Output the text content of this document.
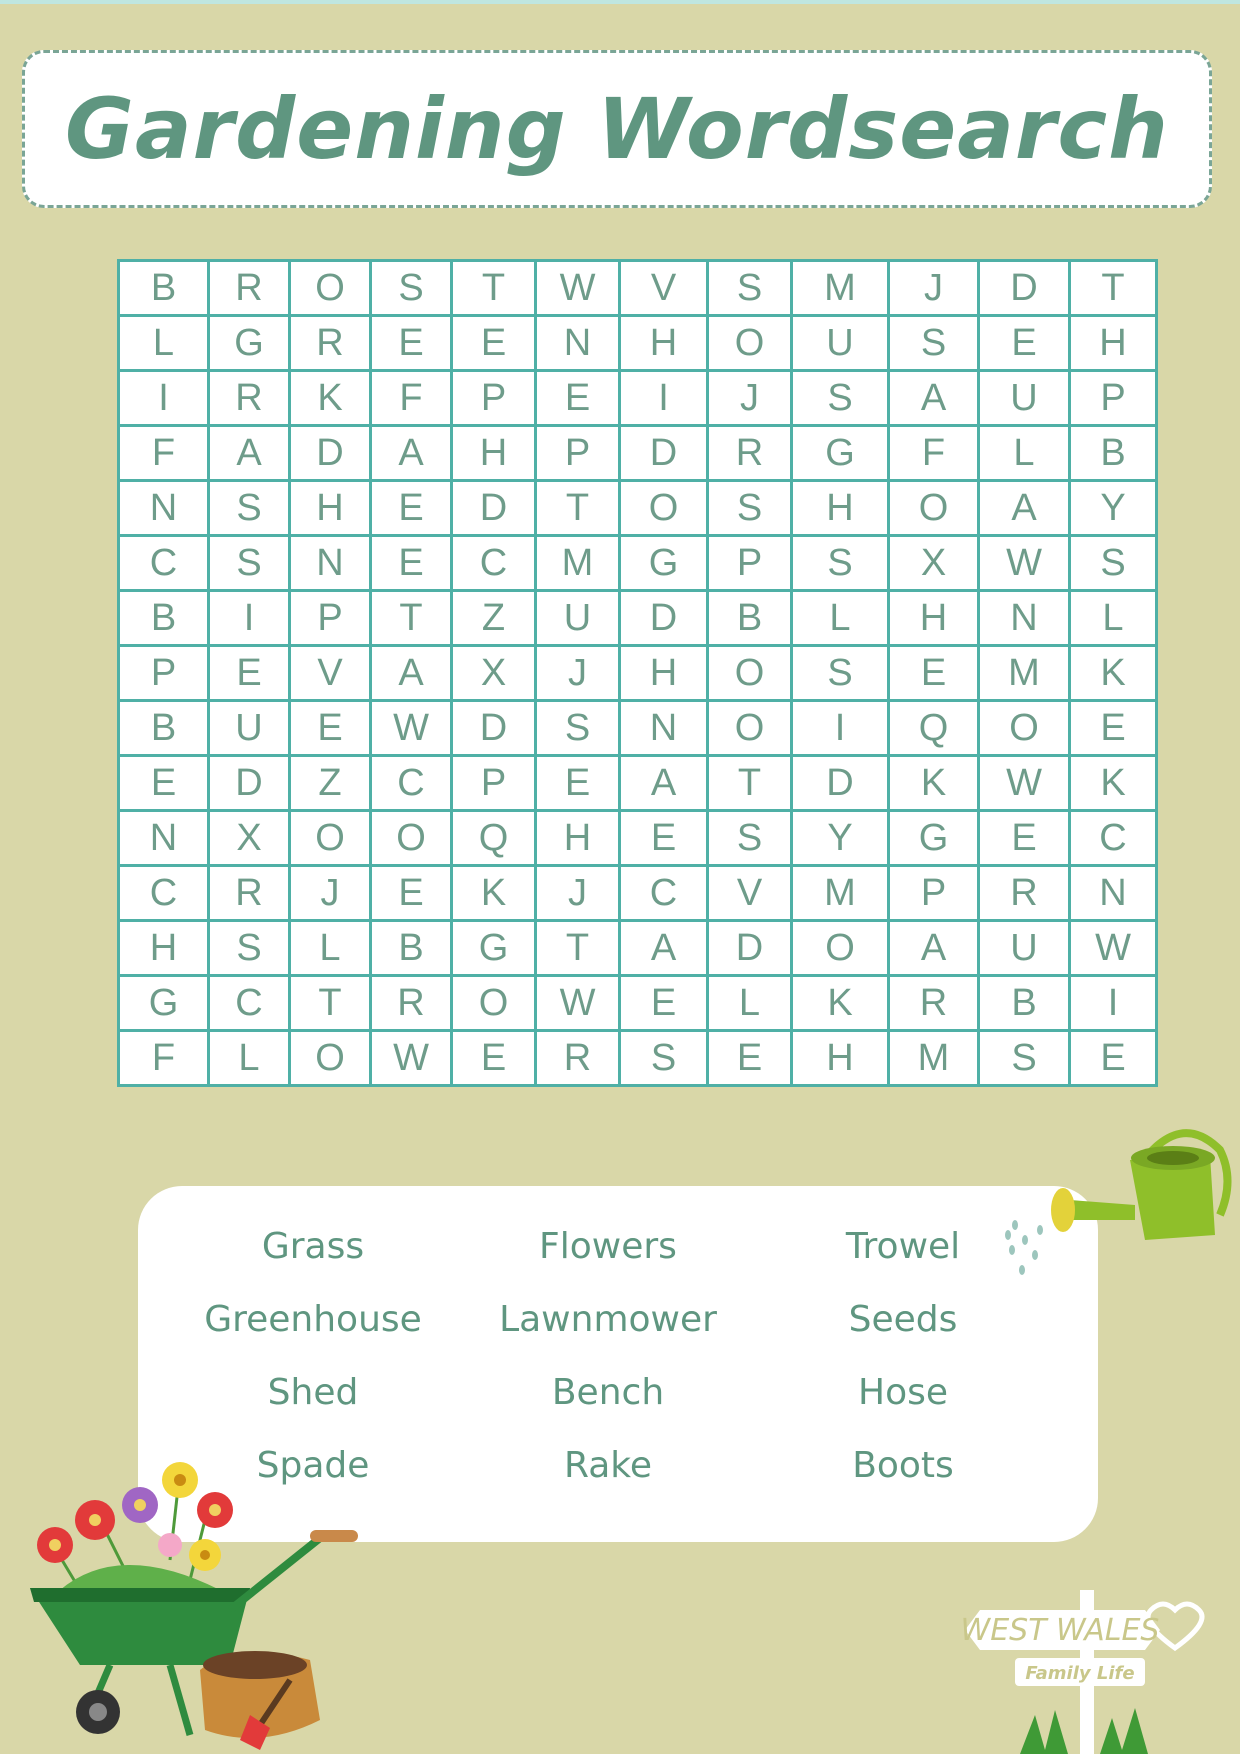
Gardening Wordsearch
B	R	O	S	T	W	V	S	M	J	D	T
L	G	R	E	E	N	H	O	U	S	E	H
I	R	K	F	P	E	I	J	S	A	U	P
F	A	D	A	H	P	D	R	G	F	L	B
N	S	H	E	D	T	O	S	H	O	A	Y
C	S	N	E	C	M	G	P	S	X	W	S
B	I	P	T	Z	U	D	B	L	H	N	L
P	E	V	A	X	J	H	O	S	E	M	K
B	U	E	W	D	S	N	O	I	Q	O	E
E	D	Z	C	P	E	A	T	D	K	W	K
N	X	O	O	Q	H	E	S	Y	G	E	C
C	R	J	E	K	J	C	V	M	P	R	N
H	S	L	B	G	T	A	D	O	A	U	W
G	C	T	R	O	W	E	L	K	R	B	I
F	L	O	W	E	R	S	E	H	M	S	E
Grass	Flowers	Trowel
Greenhouse	Lawnmower	Seeds
Shed	Bench	Hose
Spade	Rake	Boots
WEST WALES
Family Life
